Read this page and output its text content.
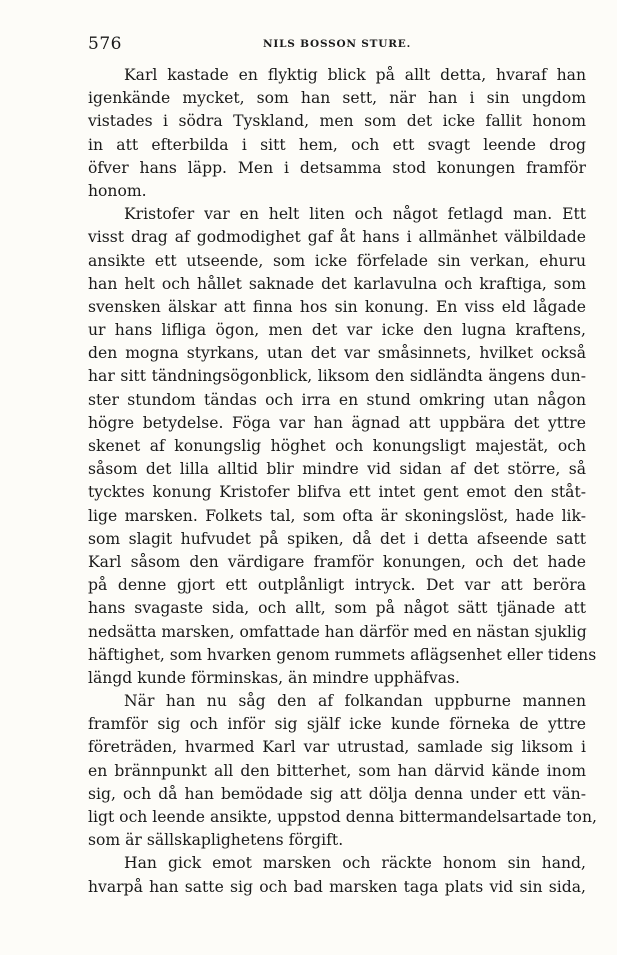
576	NILS BOSSON STURE.
Karl kastade en flyktig blick på allt detta, hvaraf han
igenkände mycket, som han sett, när han i sin ungdom
vistades i södra Tyskland, men som det icke fallit honom
in att efterbilda i sitt hem, och ett svagt leende drog
öfver hans läpp. Men i detsamma stod konungen framför
honom.
Kristofer var en helt liten och något fetlagd man. Ett
visst drag af godmodighet gaf åt hans i allmänhet välbildade
ansikte ett utseende, som icke förfelade sin verkan, ehuru
han helt och hållet saknade det karlavulna och kraftiga, som
svensken älskar att finna hos sin konung. En viss eld lågade
ur hans lifliga ögon, men det var icke den lugna kraftens,
den mogna styrkans, utan det var småsinnets, hvilket också
har sitt tändningsögonblick, liksom den sidländta ängens dun-
ster stundom tändas och irra en stund omkring utan någon
högre betydelse. Föga var han ägnad att uppbära det yttre
skenet af konungslig höghet och konungsligt majestät, och
såsom det lilla alltid blir mindre vid sidan af det större, så
tycktes konung Kristofer blifva ett intet gent emot den ståt-
lige marsken. Folkets tal, som ofta är skoningslöst, hade lik-
som slagit hufvudet på spiken, då det i detta afseende satt
Karl såsom den värdigare framför konungen, och det hade
på denne gjort ett outplånligt intryck. Det var att beröra
hans svagaste sida, och allt, som på något sätt tjänade att
nedsätta marsken, omfattade han därför med en nästan sjuklig
häftighet, som hvarken genom rummets aflägsenhet eller tidens
längd kunde förminskas, än mindre upphäfvas.
När han nu såg den af folkandan uppburne mannen
framför sig och inför sig själf icke kunde förneka de yttre
företräden, hvarmed Karl var utrustad, samlade sig liksom i
en brännpunkt all den bitterhet, som han därvid kände inom
sig, och då han bemödade sig att dölja denna under ett vän-
ligt och leende ansikte, uppstod denna bittermandelsartade ton,
som är sällskaplighetens förgift.
Han gick emot marsken och räckte honom sin hand,
hvarpå han satte sig och bad marsken taga plats vid sin sida,
